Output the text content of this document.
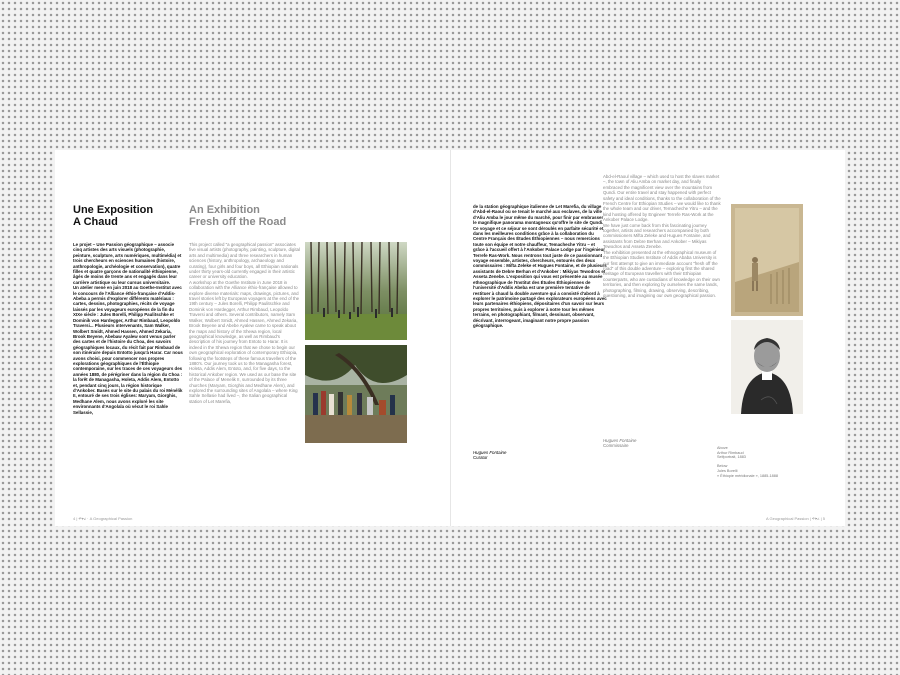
Une Exposition
A Chaud
An Exhibition
Fresh off the Road
Le projet – Une Passion géographique – associe cinq artistes des arts visuels (photographie, peinture, sculpture, arts numériques, multimédia) et trois chercheurs en sciences humaines (histoire, anthropologie, archéologie et conservation), quatre filles et quatre garçons de nationalité éthiopienne, âgés de moins de trente ans et engagés dans leur carrière artistique ou leur cursus universitaire.
Un atelier mené en juin 2018 au Goethe-Institut avec le concours de l'Alliance éthio-française d'Addis-Abeba a permis d'explorer différents matériaux : cartes, dessins, photographies, récits de voyage laissés par les voyageurs européens de la fin du XIXe siècle : Jules Borelli, Philipp Paulitschke et Dominik von Hardegger, Arthur Rimbaud, Leopoldo Traversi... Plusieurs intervenants, Sam Walker, Wolbert Smidt, Ahmed Hassen, Ahmed Zekaria, Brook Beyene, Abebaw Ayalew sont venus parler des cartes et de l'histoire du Choa, des savoirs géographiques locaux, du récit fait par Rimbaud de son itinéraire depuis Entotto jusqu'à Harar. Car nous avons choisi, pour commencer nos propres explorations géographiques de l'Éthiopie contemporaine, sur les traces de ces voyageurs des années 1880, de pérégriner dans la région du Choa : la forêt de Managasha, Holeta, Addis Alem, Entotto et, pendant cinq jours, la région historique d'Ankober. Basés sur le site du palais du roi Ménélik II, entouré de ses trois églises: Maryam, Giorghis, Medhane Alem, nous avons exploré les site environnants d'Angolala où vécut le roi Sahle Sellassie,
This project called "a geographical passion" associates five visual artists (photography, painting, sculpture, digital arts and multimedia) and three researchers in human sciences (history, anthropology, archaeology and curating), four girls and four boys, all Ethiopian nationals under thirty years-old currently engaged in their artistic career or university education.
A workshop at the Goethe Institute in June 2018 in collaboration with the Alliance éthio-française allowed to explore diverse materials: maps, drawings, pictures, and travel stories left by European voyagers at the end of the 19th century – Jules Borelli, Philipp Paulitschke and Dominik von Hardegger, Arthur Rimbaud, Leopoldo Traversi and others. Several contributors, namely Sam Walker, Wolbert Smidt, Ahmed Hassen, Ahmed Zekaria, Brook Beyene and Abebe Ayalew came to speak about the maps and history of the Shewa region, local geographical knowledge, as well as Rimbaud's description of his journey from Entoto to Harar. It is indeed in the Shewa region that we chose to begin our own geographical exploration of contemporary Ethiopia, following the footsteps of these famous travellers of the 1880's. Our journey took us to the Managasha forest, Holeta, Addis Alem, Entoto, and, for five days, to the historical Ankober region. We used as our base the site of the Palace of Menelik II, surrounded by its three churches (Maryam, Giorghis and Medhane Alem), and explored the surrounding sites of Angolala – where King Sahle Sellasie had lived –, the Italian geographical station of Let Marefia,
4 | ፍቅረ · A Geographical Passion
de la station géographique italienne de Let Marefia, du village d'Abd-el-Raoul où se tenait le marché aux esclaves, de la ville d'Aliu Amba le jour même du marché, pour finir par embrasser le magnifique panorama montagneux qu'offre le site de Qundi. Ce voyage et ce séjour se sont déroulés en parfaite sécurité et dans les meilleures conditions grâce à la collaboration du Centre Français des Études Éthiopiennes – nous remercions toute son équipe et notre chauffeur, Temacheche Yitru – et grâce à l'accueil offert à l'Ankober Palace Lodge par l'ingénieur Terrefe Ras-Work. Nous rentrons tout juste de ce passionnant voyage ensemble, artistes, chercheurs, entourés des deux commissaires : Mifta Zeleke et Hugues Fontaine, et de plusieurs assistants de Debre Berhan et d'Ankober : Mikiyas Tewodros et Asseta Zenebe. L'exposition qui vous est présentée au musée ethnographique de l'Institut des Études Éthiopiennes de l'université d'Addis Abeba est une première tentative de restituer à chaud la double aventure qui a consisté d'abord à explorer le patrimoine partagé des explorateurs européens avec leurs partenaires éthiopiens, dépositaires d'un savoir sur leurs propres territoires, puis à explorer à notre tour les mêmes terrains, en photographiant, filmant, dessinant, observant, décrivant, interrogeant, imaginant notre propre passion géographique.
Hugues Fontaine
Curator
Abd-el-Raoul village – which used to host the slaves market –, the town of Aliu Amba on market day, and finally embraced the magnificent view over the mountains from Qundi. Our entire travel and stay happened with perfect safety and ideal conditions, thanks to the collaboration of the French Centre for Ethiopian Studies – we would like to thank the whole team and our driver, Temacheche Yitru – and the kind hosting offered by Engineer Terrefe Ras-Work at the Ankober Palace Lodge.
We have just come back from this fascinating journey together, artists and researchers accompanied by both commissioners Mifta Zeleke and Hugues Fontaine, and assistants from Debre Berhan and Ankober – Mikiyas Tewodros and Asseta Zenebe.
The exhibition presented at the ethnographical museum of the Ethiopian Studies Institute of Addis Ababa University is our first attempt to give an immediate account "fresh off the road" of this double adventure – exploring first the shared heritage of European travellers with their Ethiopian counterparts, who are custodians of knowledge on their own territories, and then exploring by ourselves the same lands, photographing, filming, drawing, observing, describing, questioning, and imagining our own geographical passion.
Hugues Fontaine
Commissaire	Above
Arthur Rimbaud
Selfportrait, 1883

Below
Jules Borelli
« Éthiopie méridionale », 1885-1888
A Geographical Passion | ፍቅረ | 5
